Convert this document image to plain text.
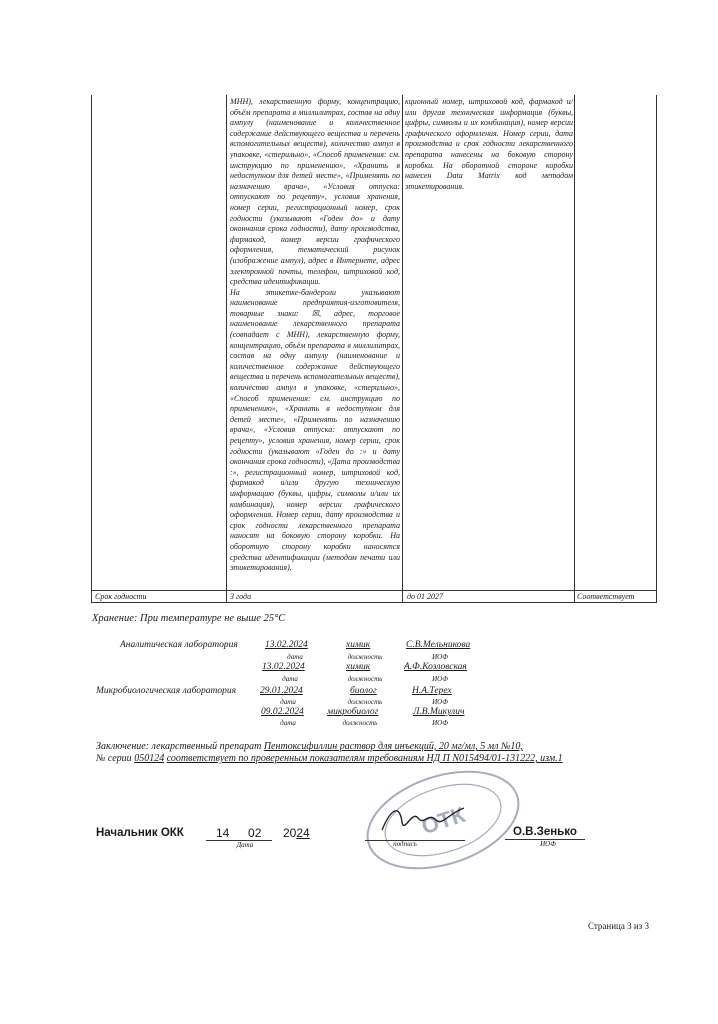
МНН), лекарственную форму, концентрацию, объём препарата в миллилитрах, состав на одну ампулу (наименование и количественное содержание действующего вещества и перечень вспомогательных веществ), количество ампул в упаковке, «стерильно», «Способ применения: см. инструкцию по применению», «Хранить в недоступном для детей месте», «Применять по назначению врача», «Условия отпуска: отпускают по рецепту», условия хранения, номер серии, регистрационный номер, срок годности (указывают «Годен до» и дату окончания срока годности), дату производства, фармакод, номер версии графического оформления, тематический рисунок (изображение ампул), адрес в Интернете, адрес электронной почты, телефон, штриховой код, средства идентификации.
На этикетке-бандероли указывают наименование предприятия-изготовителя, товарные знаки: ☒, адрес, торговое наименование лекарственного препарата (совпадает с МНН), лекарственную форму, концентрацию, объём препарата в миллилитрах, состав на одну ампулу (наименование и количественное содержание действующего вещества и перечень вспомогательных веществ), количество ампул в упаковке, «стерильно», «Способ применения: см. инструкцию по применению», «Хранить в недоступном для детей месте», «Применять по назначению врача», «Условия отпуска: отпускают по рецепту», условия хранения, номер серии, срок годности (указывают «Годен до :» и дату окончания срока годности), «Дата производства :», регистрационный номер, штриховой код, фармакод и/или другую техническую информацию (буквы, цифры, символы и/или их комбинация), номер версии графического оформления. Номер серии, дату производства и срок годности лекарственного препарата наносят на боковую сторону коробки. На оборотную сторону коробки наносятся средства идентификации (методом печати или этикетирования).
кционный номер, штриховой код, фармакод и/или другая техническая информация (буквы, цифры, символы и их комбинация), номер версии графического оформления. Номер серии, дата производства и срок годности лекарственного препарата нанесены на боковую сторону коробки. На оборотной стороне коробки нанесен Data Matrix код методом этикетирования.
Срок годности	3 года	до 01 2027	Соответствует
Хранение: При температуре не выше 25°C
Аналитическая лаборатория	13.02.2024	химик	С.В.Мельникова
дата	должность	ИОФ
13.02.2024	химик	А.Ф.Козловская
дата	должность	ИОФ
Микробиологическая лаборатория	29.01.2024	биолог	Н.А.Терех
дата	должность	ИОФ
09.02.2024 микробиолог	Л.В.Микулич
дата	должность	ИОФ
Заключение: лекарственный препарат Пентоксифиллин раствор для инъекций, 20 мг/мл, 5 мл №10,
№ серии 050124 соответствует по проверенным показателям требованиям НД П N015494/01-131222, изм.1
ОТК
Начальник ОКК	14 02 2024
Дата	подпись
О.В.Зенько
ИОФ
Страница 3 из 3
